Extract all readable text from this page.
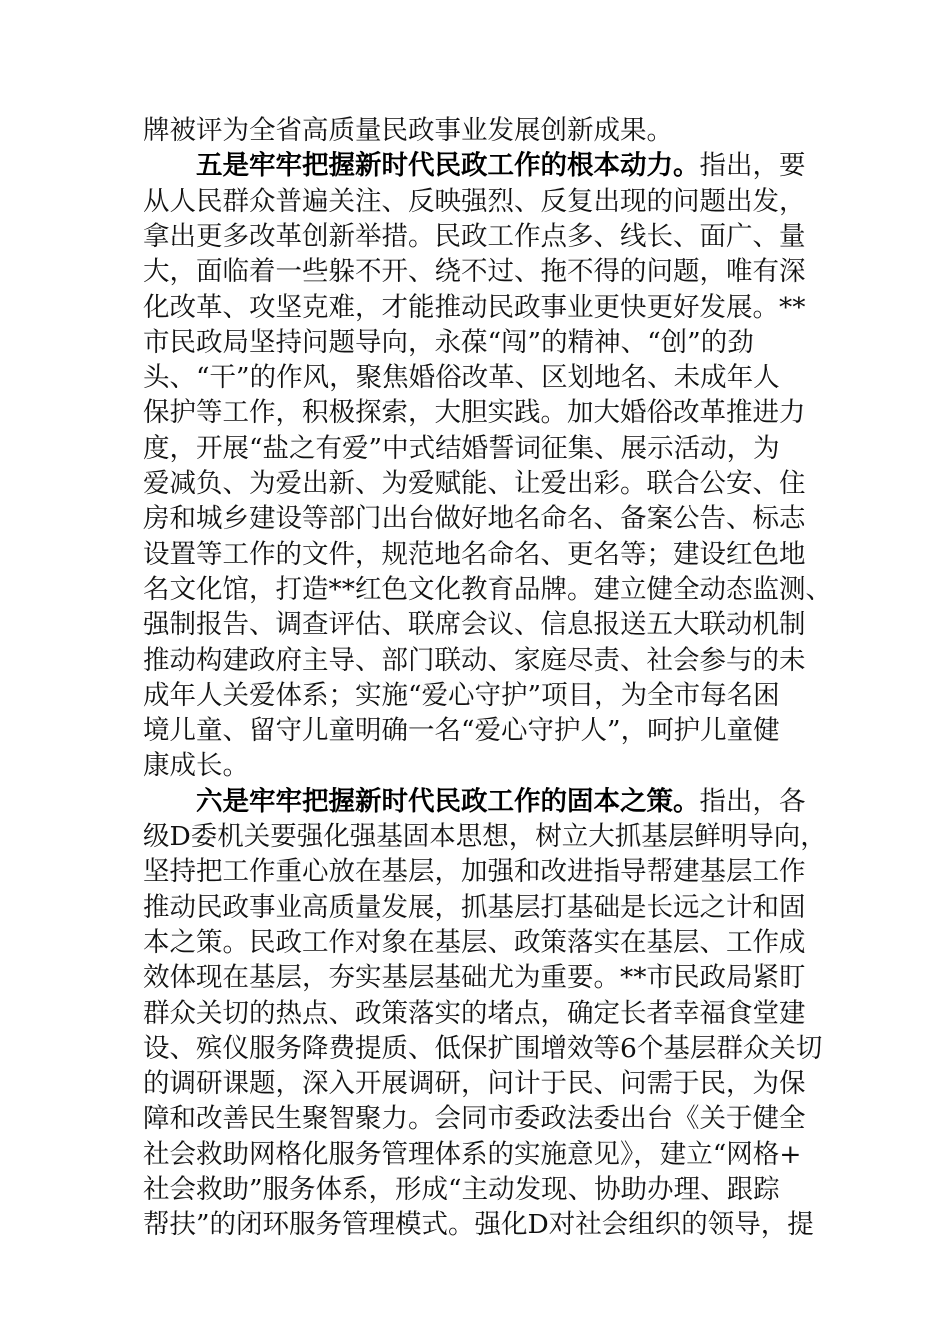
牌被评为全省高质量民政事业发展创新成果。
五是牢牢把握新时代民政工作的根本动力。指出，要
从人民群众普遍关注、反映强烈、反复出现的问题出发，
拿出更多改革创新举措。民政工作点多、线长、面广、量
大，面临着一些躲不开、绕不过、拖不得的问题，唯有深
化改革、攻坚克难，才能推动民政事业更快更好发展。**
市民政局坚持问题导向，永葆“闯”的精神、“创”的劲
头、“干”的作风，聚焦婚俗改革、区划地名、未成年人
保护等工作，积极探索，大胆实践。加大婚俗改革推进力
度，开展“盐之有爱”中式结婚誓词征集、展示活动，为
爱减负、为爱出新、为爱赋能、让爱出彩。联合公安、住
房和城乡建设等部门出台做好地名命名、备案公告、标志
设置等工作的文件，规范地名命名、更名等；建设红色地
名文化馆，打造**红色文化教育品牌。建立健全动态监测、
强制报告、调查评估、联席会议、信息报送五大联动机制
推动构建政府主导、部门联动、家庭尽责、社会参与的未
成年人关爱体系；实施“爱心守护”项目，为全市每名困
境儿童、留守儿童明确一名“爱心守护人”，呵护儿童健
康成长。
六是牢牢把握新时代民政工作的固本之策。指出，各
级D委机关要强化强基固本思想，树立大抓基层鲜明导向，
坚持把工作重心放在基层，加强和改进指导帮建基层工作
推动民政事业高质量发展，抓基层打基础是长远之计和固
本之策。民政工作对象在基层、政策落实在基层、工作成
效体现在基层，夯实基层基础尤为重要。**市民政局紧盯
群众关切的热点、政策落实的堵点，确定长者幸福食堂建
设、殡仪服务降费提质、低保扩围增效等6个基层群众关切
的调研课题，深入开展调研，问计于民、问需于民，为保
障和改善民生聚智聚力。会同市委政法委出台《关于健全
社会救助网格化服务管理体系的实施意见》，建立“网格+
社会救助”服务体系，形成“主动发现、协助办理、跟踪
帮扶”的闭环服务管理模式。强化D对社会组织的领导，提
